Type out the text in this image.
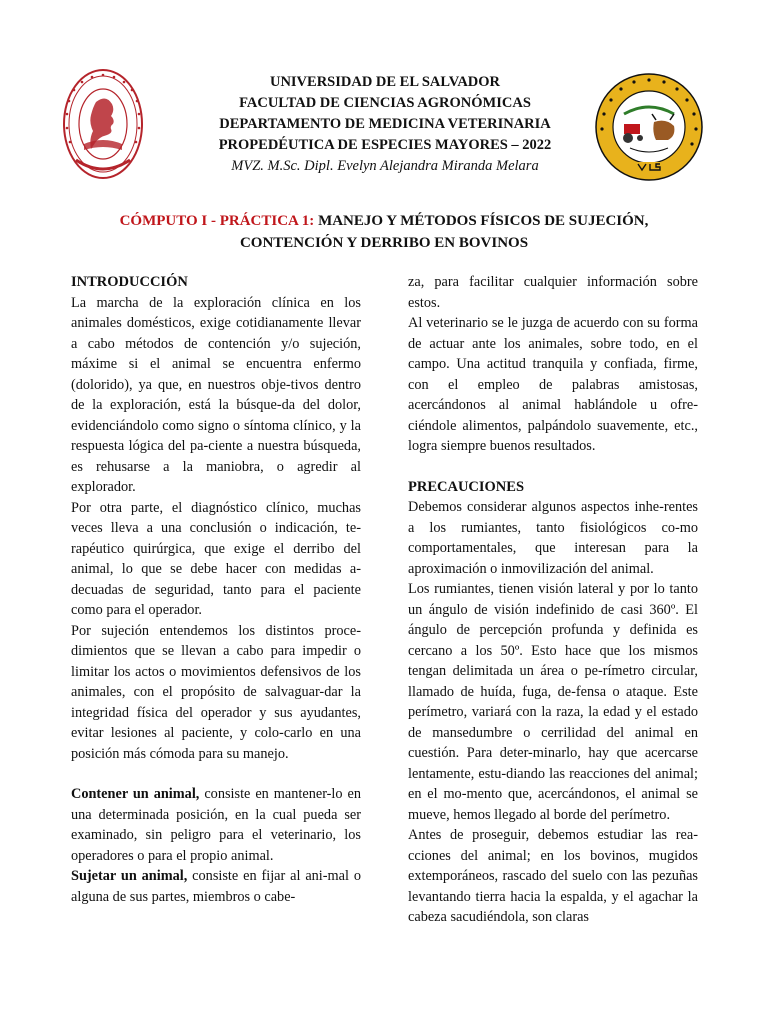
UNIVERSIDAD DE EL SALVADOR
FACULTAD DE CIENCIAS AGRONÓMICAS
DEPARTAMENTO DE MEDICINA VETERINARIA
PROPEDÉUTICA DE ESPECIES MAYORES – 2022
MVZ. M.Sc. Dipl. Evelyn Alejandra Miranda Melara
CÓMPUTO I - PRÁCTICA 1: MANEJO Y MÉTODOS FÍSICOS DE SUJECIÓN,
CONTENCIÓN Y DERRIBO EN BOVINOS
INTRODUCCIÓN

La marcha de la exploración clínica en los animales domésticos, exige cotidianamente llevar a cabo métodos de contención y/o sujeción, máxime si el animal se encuentra enfermo (dolorido), ya que, en nuestros obje-tivos dentro de la exploración, está la búsque-da del dolor, evidenciándolo como signo o síntoma clínico, y la respuesta lógica del pa-ciente a nuestra búsqueda, es rehusarse a la maniobra, o agredir al explorador.

Por otra parte, el diagnóstico clínico, muchas veces lleva a una conclusión o indicación, te-rapéutico quirúrgica, que exige el derribo del animal, lo que se debe hacer con medidas a-decuadas de seguridad, tanto para el paciente como para el operador.

Por sujeción entendemos los distintos proce-dimientos que se llevan a cabo para impedir o limitar los actos o movimientos defensivos de los animales, con el propósito de salvaguar-dar la integridad física del operador y sus ayudantes, evitar lesiones al paciente, y colo-carlo en una posición más cómoda para su manejo.

Contener un animal, consiste en mantener-lo en una determinada posición, en la cual pueda ser examinado, sin peligro para el veterinario, los operadores o para el propio animal.

Sujetar un animal, consiste en fijar al ani-mal o alguna de sus partes, miembros o cabe-

za, para facilitar cualquier información sobre estos.

Al veterinario se le juzga de acuerdo con su forma de actuar ante los animales, sobre todo, en el campo. Una actitud tranquila y confiada, firme, con el empleo de palabras amistosas, acercándonos al animal hablándole u ofre-ciéndole alimentos, palpándolo suavemente, etc., logra siempre buenos resultados.

PRECAUCIONES

Debemos considerar algunos aspectos inhe-rentes a los rumiantes, tanto fisiológicos co-mo comportamentales, que interesan para la aproximación o inmovilización del animal.

Los rumiantes, tienen visión lateral y por lo tanto un ángulo de visión indefinido de casi 360º. El ángulo de percepción profunda y definida es cercano a los 50º. Esto hace que los mismos tengan delimitada un área o pe-rímetro circular, llamado de huída, fuga, de-fensa o ataque. Este perímetro, variará con la raza, la edad y el estado de mansedumbre o cerrilidad del animal en cuestión. Para deter-minarlo, hay que acercarse lentamente, estu-diando las reacciones del animal; en el mo-mento que, acercándonos, el animal se mueve, hemos llegado al borde del perímetro.

Antes de proseguir, debemos estudiar las rea-cciones del animal; en los bovinos, mugidos extemporáneos, rascado del suelo con las pezuñas levantando tierra hacia la espalda, y el agachar la cabeza sacudiéndola, son claras
